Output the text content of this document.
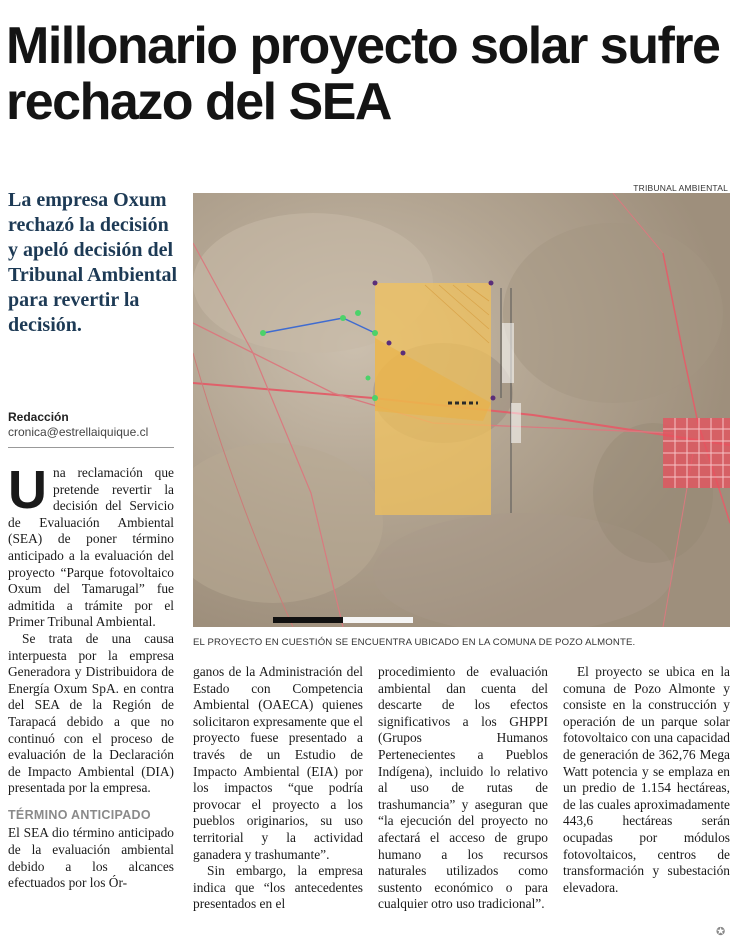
Millonario proyecto solar sufre rechazo del SEA

La empresa Oxum rechazó la decisión y apeló decisión del Tribunal Ambiental para revertir la decisión.

Redacción
cronica@estrellaiquique.cl
TRIBUNAL AMBIENTAL
EL PROYECTO EN CUESTIÓN SE ENCUENTRA UBICADO EN LA COMUNA DE POZO ALMONTE.

Una reclamación que pretende revertir la decisión del Servicio de Evaluación Ambiental (SEA) de poner término anticipado a la evaluación del proyecto “Parque fotovoltaico Oxum del Tamarugal” fue admitida a trámite por el Primer Tribunal Ambiental.

Se trata de una causa interpuesta por la empresa Generadora y Distribuidora de Energía Oxum SpA. en contra del SEA de la Región de Tarapacá debido a que no continuó con el proceso de evaluación de la Declaración de Impacto Ambiental (DIA) presentada por la empresa.

TÉRMINO ANTICIPADO

El SEA dio término anticipado de la evaluación ambiental debido a los alcances efectuados por los Ór-

ganos de la Administración del Estado con Competencia Ambiental (OAECA) quienes solicitaron expresamente que el proyecto fuese presentado a través de un Estudio de Impacto Ambiental (EIA) por los impactos “que podría provocar el proyecto a los pueblos originarios, su uso territorial y la actividad ganadera y trashumante”.

Sin embargo, la empresa indica que “los antecedentes presentados en el

procedimiento de evaluación ambiental dan cuenta del descarte de los efectos significativos a los GHPPI (Grupos Humanos Pertenecientes a Pueblos Indígena), incluido lo relativo al uso de rutas de trashumancia” y aseguran que “la ejecución del proyecto no afectará el acceso de grupo humano a los recursos naturales utilizados como sustento económico o para cualquier otro uso tradicional”.

El proyecto se ubica en la comuna de Pozo Almonte y consiste en la construcción y operación de un parque solar fotovoltaico con una capacidad de generación de 362,76 Mega Watt potencia y se emplaza en un predio de 1.154 hectáreas, de las cuales aproximadamente 443,6 hectáreas serán ocupadas por módulos fotovoltaicos, centros de transformación y subestación elevadora.

✪
